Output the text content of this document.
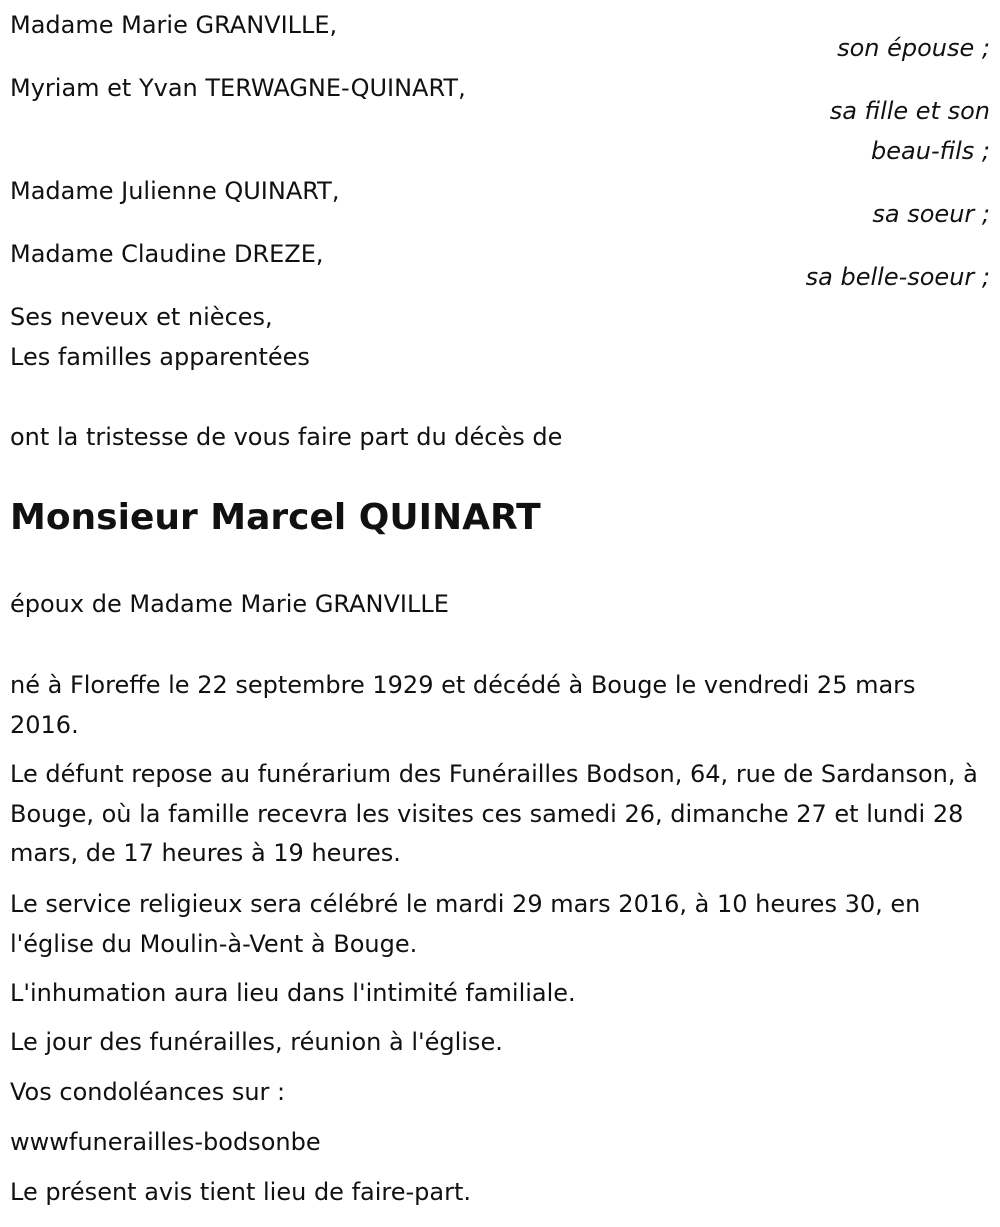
Madame Marie GRANVILLE,
son épouse ;
Myriam et Yvan TERWAGNE-QUINART,
sa fille et son
beau-fils ;
Madame Julienne QUINART,
sa soeur ;
Madame Claudine DREZE,
sa belle-soeur ;
Ses neveux et nièces,
Les familles apparentées
ont la tristesse de vous faire part du décès de
Monsieur Marcel QUINART
époux de Madame Marie GRANVILLE
né à Floreffe le 22 septembre 1929 et décédé à Bouge le vendredi 25 mars 2016.
Le défunt repose au funérarium des Funérailles Bodson, 64, rue de Sardanson, à Bouge, où la famille recevra les visites ces samedi 26, dimanche 27 et lundi 28 mars, de 17 heures à 19 heures.
Le service religieux sera célébré le mardi 29 mars 2016, à 10 heures 30, en l'église du Moulin-à-Vent à Bouge.
L'inhumation aura lieu dans l'intimité familiale.
Le jour des funérailles, réunion à l'église.
Vos condoléances sur :
wwwfunerailles-bodsonbe
Le présent avis tient lieu de faire-part.
